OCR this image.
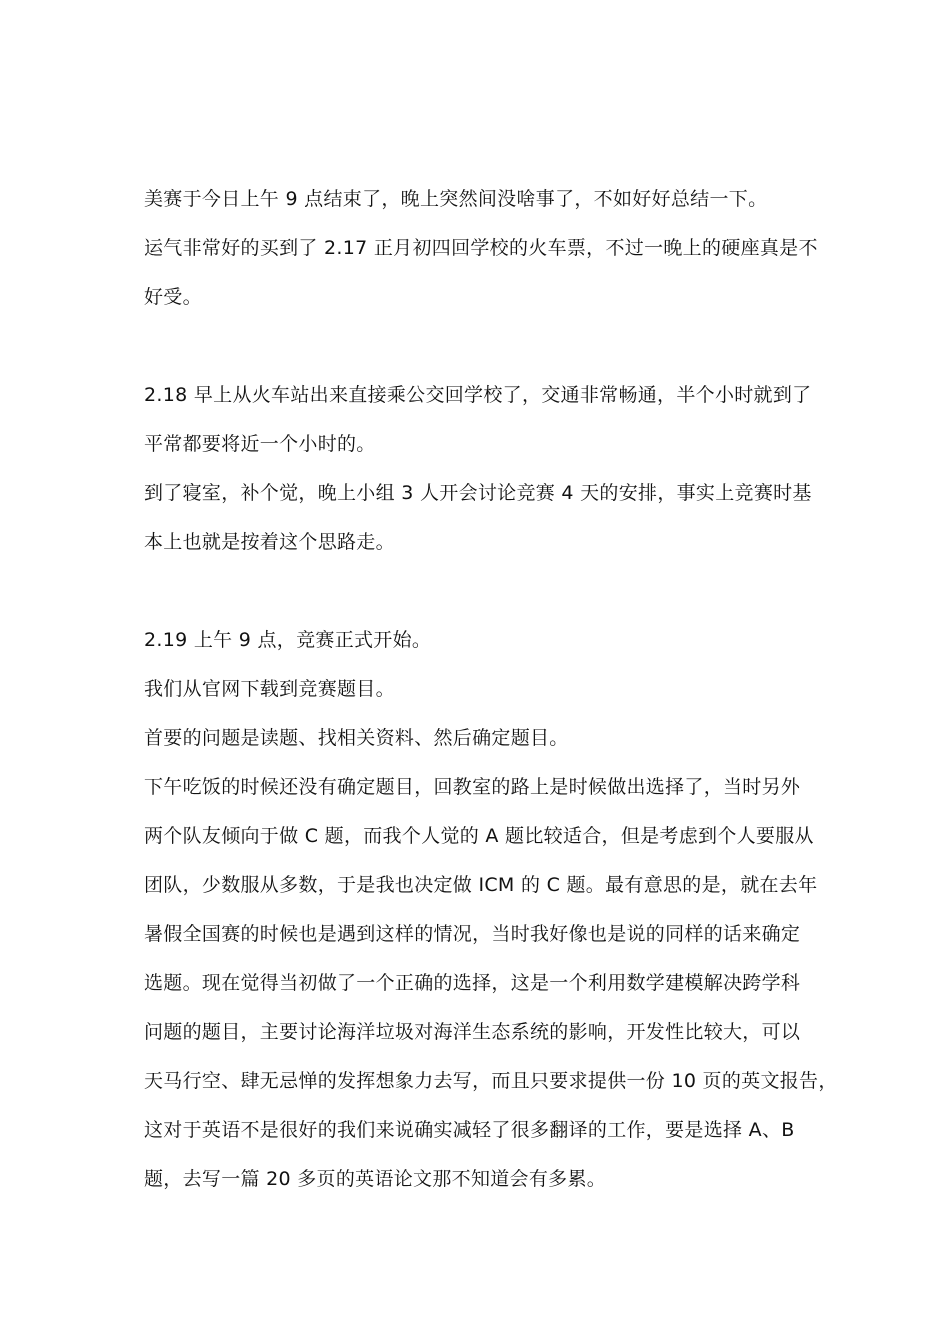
美赛于今日上午 9 点结束了，晚上突然间没啥事了，不如好好总结一下。
运气非常好的买到了 2.17 正月初四回学校的火车票，不过一晚上的硬座真是不
好受。
2.18 早上从火车站出来直接乘公交回学校了，交通非常畅通，半个小时就到了
平常都要将近一个小时的。
到了寝室，补个觉，晚上小组 3 人开会讨论竞赛 4 天的安排，事实上竞赛时基
本上也就是按着这个思路走。
2.19 上午 9 点，竞赛正式开始。
我们从官网下载到竞赛题目。
首要的问题是读题、找相关资料、然后确定题目。
下午吃饭的时候还没有确定题目，回教室的路上是时候做出选择了，当时另外
两个队友倾向于做 C 题，而我个人觉的 A 题比较适合，但是考虑到个人要服从
团队，少数服从多数，于是我也决定做 ICM 的 C 题。最有意思的是，就在去年
暑假全国赛的时候也是遇到这样的情况，当时我好像也是说的同样的话来确定
选题。现在觉得当初做了一个正确的选择，这是一个利用数学建模解决跨学科
问题的题目，主要讨论海洋垃圾对海洋生态系统的影响，开发性比较大，可以
天马行空、肆无忌惮的发挥想象力去写，而且只要求提供一份 10 页的英文报告，
这对于英语不是很好的我们来说确实减轻了很多翻译的工作，要是选择 A、B
题，去写一篇 20 多页的英语论文那不知道会有多累。
